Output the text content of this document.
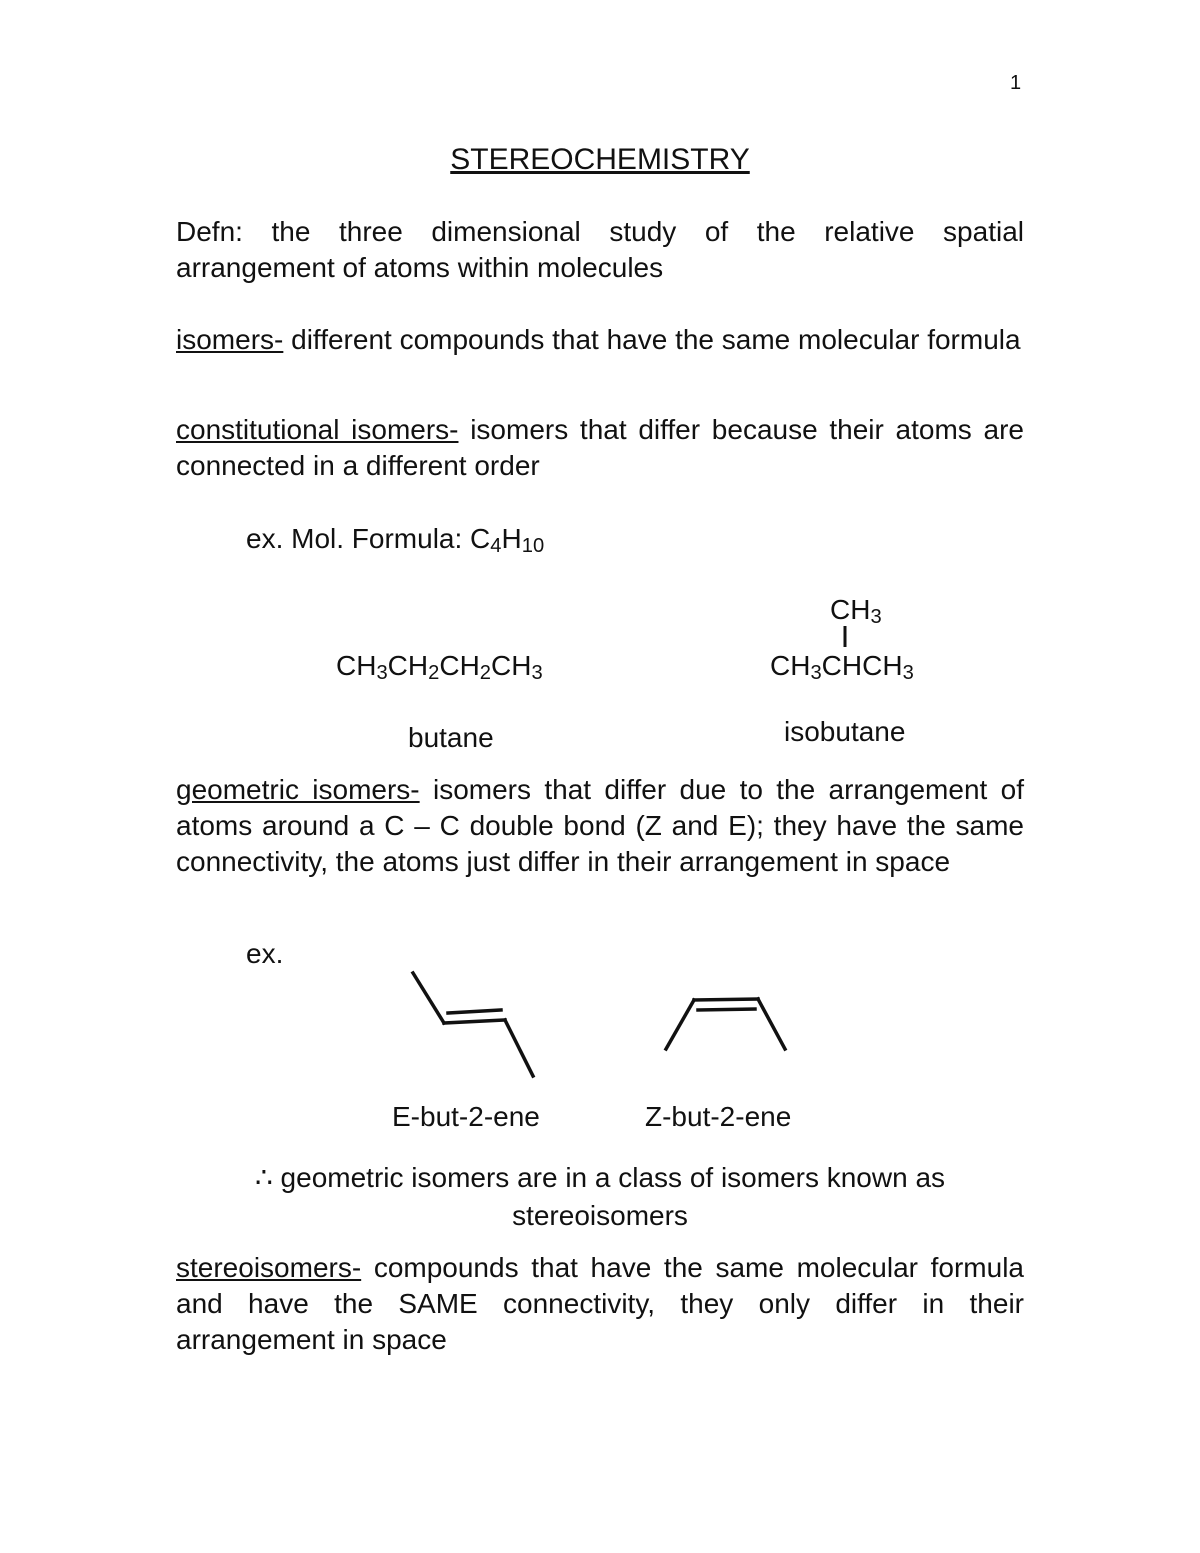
1
STEREOCHEMISTRY
Defn: the three dimensional study of the relative spatial arrangement of atoms within molecules
isomers- different compounds that have the same molecular formula
constitutional isomers- isomers that differ because their atoms are connected in a different order
ex. Mol. Formula: $C_4H_{10}$
$CH_3CH_2CH_2CH_3$
butane
$CH_3$
$CH_3CHCH_3$
isobutane
geometric isomers- isomers that differ due to the arrangement of atoms around a C – C double bond (Z and E); they have the same connectivity, the atoms just differ in their arrangement in space
ex.
E-but-2-ene	Z-but-2-ene
∴ geometric isomers are in a class of isomers known as
stereoisomers
stereoisomers- compounds that have the same molecular formula and have the SAME connectivity, they only differ in their arrangement in space
